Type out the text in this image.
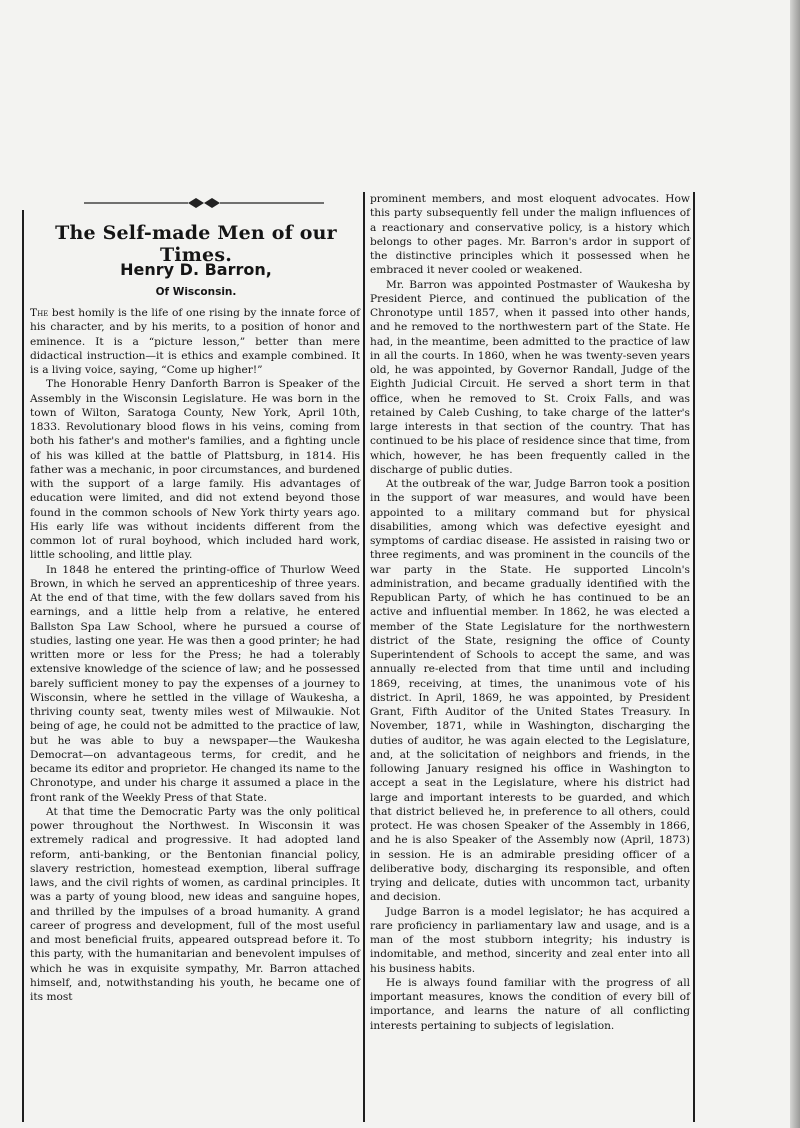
The Self-made Men of our Times.
Henry D. Barron,
Of Wisconsin.

The best homily is the life of one rising by the innate force of his character, and by his merits, to a position of honor and eminence. It is a “picture lesson,” better than mere didactical instruction—it is ethics and example combined. It is a living voice, saying, “Come up higher!”

The Honorable Henry Danforth Barron is Speaker of the Assembly in the Wisconsin Legislature. He was born in the town of Wilton, Saratoga County, New York, April 10th, 1833. Revolutionary blood flows in his veins, coming from both his father's and mother's families, and a fighting uncle of his was killed at the battle of Plattsburg, in 1814. His father was a mechanic, in poor circumstances, and burdened with the support of a large family. His advantages of education were limited, and did not extend beyond those found in the common schools of New York thirty years ago. His early life was without incidents different from the common lot of rural boyhood, which included hard work, little schooling, and little play.

In 1848 he entered the printing-office of Thurlow Weed Brown, in which he served an apprenticeship of three years. At the end of that time, with the few dollars saved from his earnings, and a little help from a relative, he entered Ballston Spa Law School, where he pursued a course of studies, lasting one year. He was then a good printer; he had written more or less for the Press; he had a tolerably extensive knowledge of the science of law; and he possessed barely sufficient money to pay the expenses of a journey to Wisconsin, where he settled in the village of Waukesha, a thriving county seat, twenty miles west of Milwaukie. Not being of age, he could not be admitted to the practice of law, but he was able to buy a newspaper—the Waukesha Democrat—on advantageous terms, for credit, and he became its editor and proprietor. He changed its name to the Chronotype, and under his charge it assumed a place in the front rank of the Weekly Press of that State.

At that time the Democratic Party was the only political power throughout the Northwest. In Wisconsin it was extremely radical and progressive. It had adopted land reform, anti-banking, or the Bentonian financial policy, slavery restriction, homestead exemption, liberal suffrage laws, and the civil rights of women, as cardinal principles. It was a party of young blood, new ideas and sanguine hopes, and thrilled by the impulses of a broad humanity. A grand career of progress and development, full of the most useful and most beneficial fruits, appeared outspread before it. To this party, with the humanitarian and benevolent impulses of which he was in exquisite sympathy, Mr. Barron attached himself, and, notwithstanding his youth, he became one of its most

prominent members, and most eloquent advocates. How this party subsequently fell under the malign influences of a reactionary and conservative policy, is a history which belongs to other pages. Mr. Barron's ardor in support of the distinctive principles which it possessed when he embraced it never cooled or weakened.

Mr. Barron was appointed Postmaster of Waukesha by President Pierce, and continued the publication of the Chronotype until 1857, when it passed into other hands, and he removed to the northwestern part of the State. He had, in the meantime, been admitted to the practice of law in all the courts. In 1860, when he was twenty-seven years old, he was appointed, by Governor Randall, Judge of the Eighth Judicial Circuit. He served a short term in that office, when he removed to St. Croix Falls, and was retained by Caleb Cushing, to take charge of the latter's large interests in that section of the country. That has continued to be his place of residence since that time, from which, however, he has been frequently called in the discharge of public duties.

At the outbreak of the war, Judge Barron took a position in the support of war measures, and would have been appointed to a military command but for physical disabilities, among which was defective eyesight and symptoms of cardiac disease. He assisted in raising two or three regiments, and was prominent in the councils of the war party in the State. He supported Lincoln's administration, and became gradually identified with the Republican Party, of which he has continued to be an active and influential member. In 1862, he was elected a member of the State Legislature for the northwestern district of the State, resigning the office of County Superintendent of Schools to accept the same, and was annually re-elected from that time until and including 1869, receiving, at times, the unanimous vote of his district. In April, 1869, he was appointed, by President Grant, Fifth Auditor of the United States Treasury. In November, 1871, while in Washington, discharging the duties of auditor, he was again elected to the Legislature, and, at the solicitation of neighbors and friends, in the following January resigned his office in Washington to accept a seat in the Legislature, where his district had large and important interests to be guarded, and which that district believed he, in preference to all others, could protect. He was chosen Speaker of the Assembly in 1866, and he is also Speaker of the Assembly now (April, 1873) in session. He is an admirable presiding officer of a deliberative body, discharging its responsible, and often trying and delicate, duties with uncommon tact, urbanity and decision.

Judge Barron is a model legislator; he has acquired a rare proficiency in parliamentary law and usage, and is a man of the most stubborn integrity; his industry is indomitable, and method, sincerity and zeal enter into all his business habits.

He is always found familiar with the progress of all important measures, knows the condition of every bill of importance, and learns the nature of all conflicting interests pertaining to subjects of legislation.
